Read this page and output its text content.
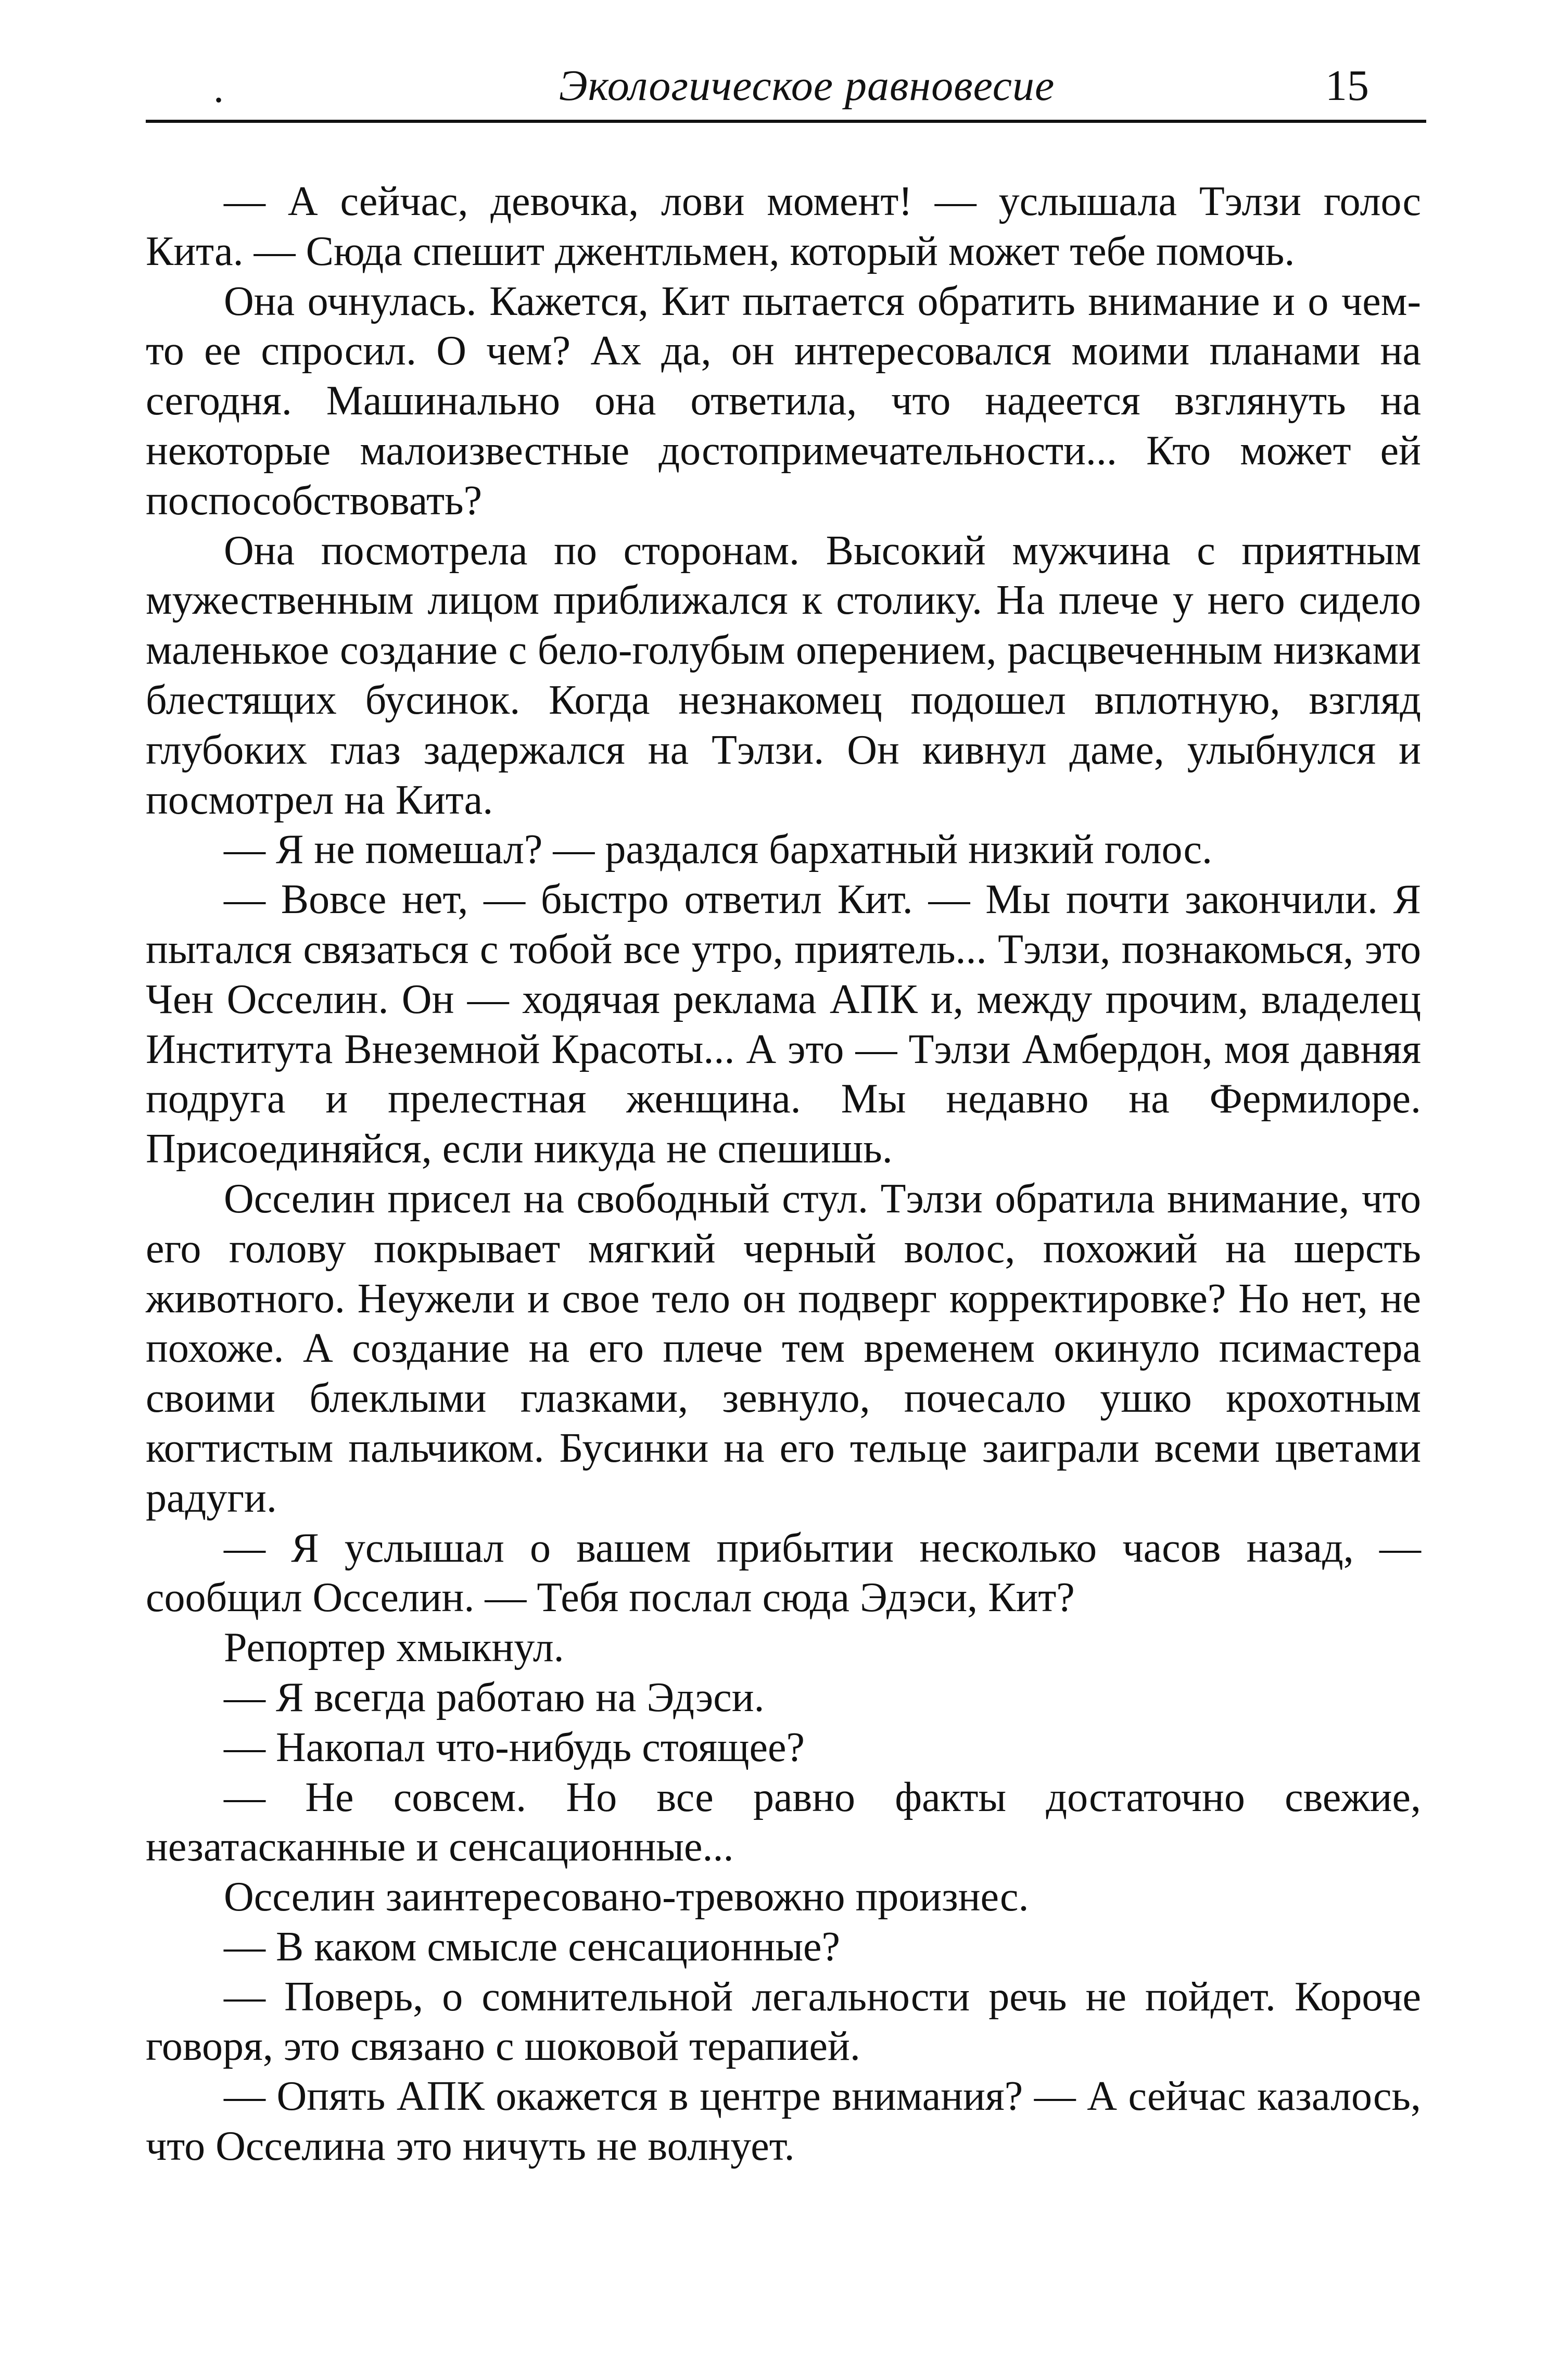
.	Экологическое равновесие	15

— А сейчас, девочка, лови момент! — услышала Тэлзи голос Кита. — Сюда спешит джентльмен, который может тебе помочь.

Она очнулась. Кажется, Кит пытается обратить внимание и о чем-то ее спросил. О чем? Ах да, он интересовался моими планами на сегодня. Машинально она ответила, что надеется взглянуть на некоторые малоизвестные достопримечательности... Кто может ей поспособствовать?

Она посмотрела по сторонам. Высокий мужчина с приятным мужественным лицом приближался к столику. На плече у него сидело маленькое создание с бело-голубым оперением, расцвеченным низками блестящих бусинок. Когда незнакомец подошел вплотную, взгляд глубоких глаз задержался на Тэлзи. Он кивнул даме, улыбнулся и посмотрел на Кита.

— Я не помешал? — раздался бархатный низкий голос.

— Вовсе нет, — быстро ответил Кит. — Мы почти закончили. Я пытался связаться с тобой все утро, приятель... Тэлзи, познакомься, это Чен Осселин. Он — ходячая реклама АПК и, между прочим, владелец Института Внеземной Красоты... А это — Тэлзи Амбердон, моя давняя подруга и прелестная женщина. Мы недавно на Фермилоре. Присоединяйся, если никуда не спешишь.

Осселин присел на свободный стул. Тэлзи обратила внимание, что его голову покрывает мягкий черный волос, похожий на шерсть животного. Неужели и свое тело он подверг корректировке? Но нет, не похоже. А создание на его плече тем временем окинуло псимастера своими блеклыми глазками, зевнуло, почесало ушко крохотным когтистым пальчиком. Бусинки на его тельце заиграли всеми цветами радуги.

— Я услышал о вашем прибытии несколько часов назад, — сообщил Осселин. — Тебя послал сюда Эдэси, Кит?

Репортер хмыкнул.

— Я всегда работаю на Эдэси.

— Накопал что-нибудь стоящее?

— Не совсем. Но все равно факты достаточно свежие, незатасканные и сенсационные...

Осселин заинтересовано-тревожно произнес.

— В каком смысле сенсационные?

— Поверь, о сомнительной легальности речь не пойдет. Короче говоря, это связано с шоковой терапией.

— Опять АПК окажется в центре внимания? — А сейчас казалось, что Осселина это ничуть не волнует.
